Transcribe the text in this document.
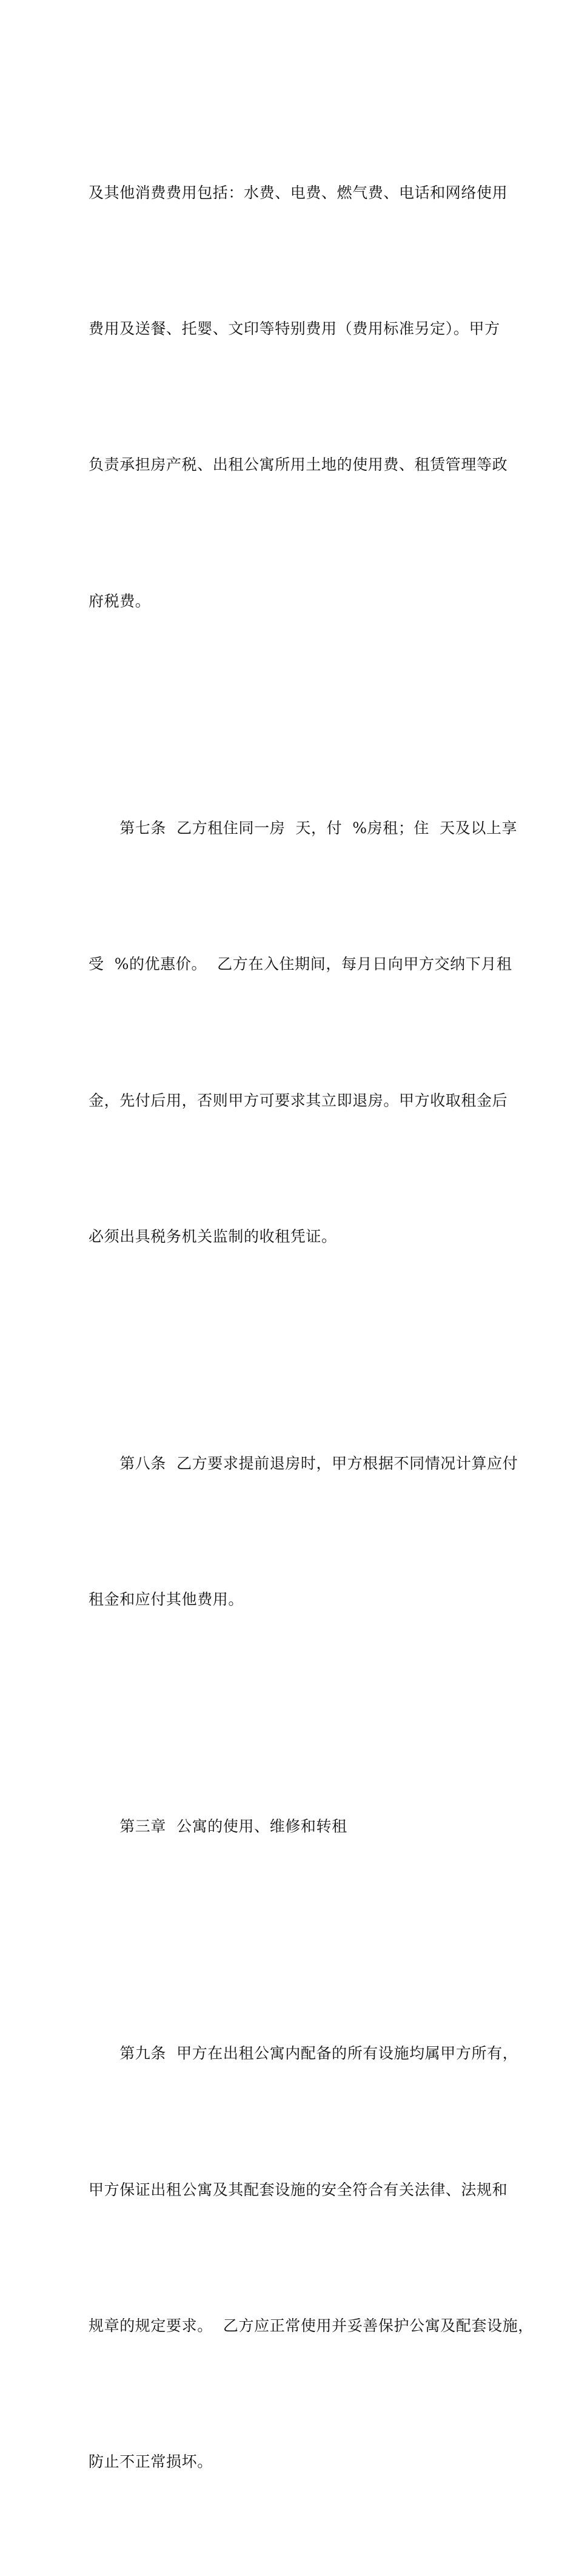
及其他消费费用包括：水费、电费、燃气费、电话和网络使用

费用及送餐、托婴、文印等特别费用（费用标准另定）。甲方

负责承担房产税、出租公寓所用土地的使用费、租赁管理等政

府税费。

　　第七条  乙方租住同一房  天，付  %房租；住  天及以上享

受  %的优惠价。  乙方在入住期间，每月日向甲方交纳下月租

金，先付后用，否则甲方可要求其立即退房。甲方收取租金后

必须出具税务机关监制的收租凭证。

　　第八条  乙方要求提前退房时，甲方根据不同情况计算应付

租金和应付其他费用。

　　第三章  公寓的使用、维修和转租

　　第九条  甲方在出租公寓内配备的所有设施均属甲方所有，

甲方保证出租公寓及其配套设施的安全符合有关法律、法规和

规章的规定要求。  乙方应正常使用并妥善保护公寓及配套设施，

防止不正常损坏。
